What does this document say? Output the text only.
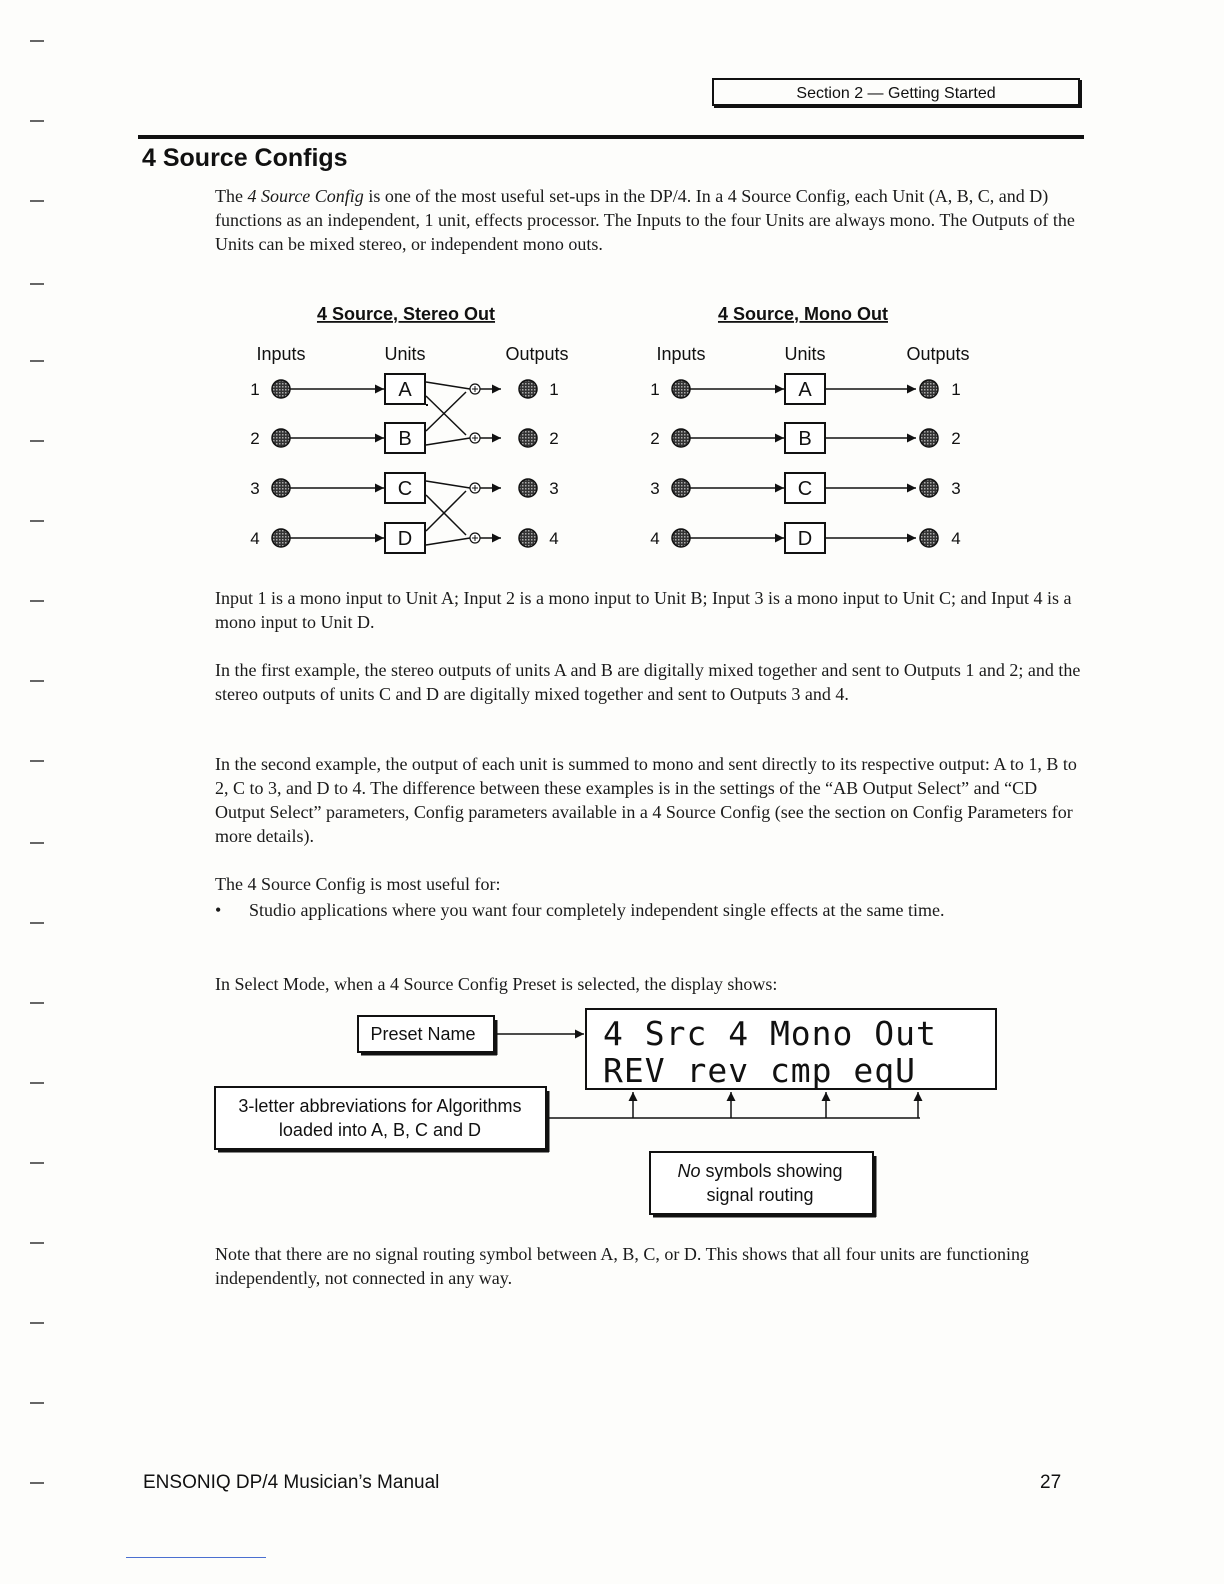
Section 2 — Getting Started
4 Source Configs

The 4 Source Config is one of the most useful set-ups in the DP/4. In a 4 Source Config, each Unit (A, B, C, and D) functions as an independent, 1 unit, effects processor. The Inputs to the four Units are always mono. The Outputs of the Units can be mixed stereo, or independent mono outs.

4 Source, Stereo Out
Inputs	Units	Outputs
1	A	1
2	B	2
3	C	3
4	D	4
4 Source, Mono Out
Inputs	Units	Outputs
1	A	1
2	B	2
3	C	3
4	D	4

Input 1 is a mono input to Unit A; Input 2 is a mono input to Unit B; Input 3 is a mono input to Unit C; and Input 4 is a mono input to Unit D.

In the first example, the stereo outputs of units A and B are digitally mixed together and sent to Outputs 1 and 2; and the stereo outputs of units C and D are digitally mixed together and sent to Outputs 3 and 4.

In the second example, the output of each unit is summed to mono and sent directly to its respective output: A to 1, B to 2, C to 3, and D to 4. The difference between these examples is in the settings of the “AB Output Select” and “CD Output Select” parameters, Config parameters available in a 4 Source Config (see the section on Config Parameters for more details).

The 4 Source Config is most useful for:

• Studio applications where you want four completely independent single effects at the same time.

In Select Mode, when a 4 Source Config Preset is selected, the display shows:

4 Src 4 Mono Out
REV rev cmp eqU
Preset Name
3-letter abbreviations for Algorithms
loaded into A, B, C and D
No symbols showing
signal routing

Note that there are no signal routing symbol between A, B, C, or D. This shows that all four units are functioning independently, not connected in any way.

ENSONIQ DP/4 Musician’s Manual	27
